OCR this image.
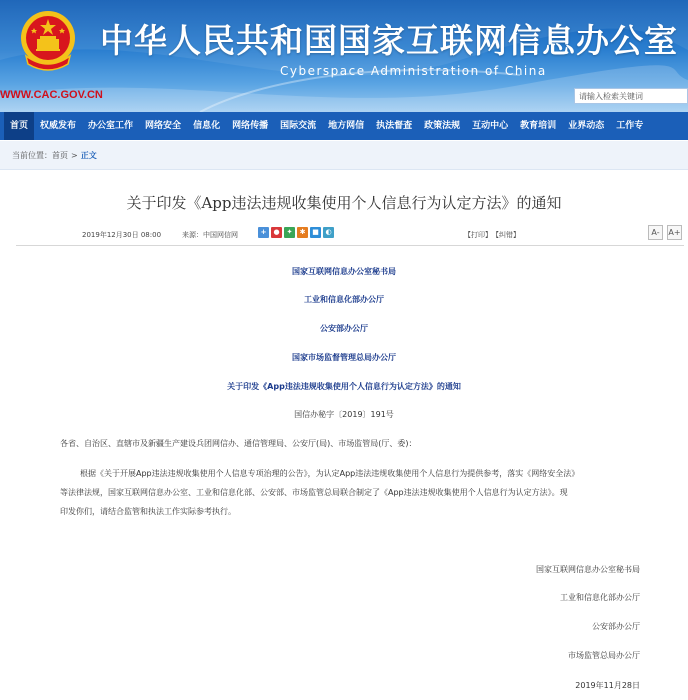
中华人民共和国国家互联网信息办公室
Cyberspace Administration of China
WWW.CAC.GOV.CN	请输入检索关键词
首页	权威发布	办公室工作	网络安全	信息化	网络传播	国际交流	地方网信	执法督查	政策法规	互动中心	教育培训	业界动态	工作专
当前位置：首页 > 正文
关于印发《App违法违规收集使用个人信息行为认定方法》的通知
2019年12月30日 08:00	来源：中国网信网	+	●	✦	✱ ■ ◐	【打印】 【纠错】	A-	A+
国家互联网信息办公室秘书局
工业和信息化部办公厅
公安部办公厅
国家市场监督管理总局办公厅
关于印发《App违法违规收集使用个人信息行为认定方法》的通知
国信办秘字〔2019〕191号
各省、自治区、直辖市及新疆生产建设兵团网信办、通信管理局、公安厅(局)、市场监管局(厅、委)：
根据《关于开展App违法违规收集使用个人信息专项治理的公告》，为认定App违法违规收集使用个人信息行为提供参考，落实《网络安全法》
等法律法规，国家互联网信息办公室、工业和信息化部、公安部、市场监管总局联合制定了《App违法违规收集使用个人信息行为认定方法》。现
印发你们，请结合监管和执法工作实际参考执行。
国家互联网信息办公室秘书局
工业和信息化部办公厅
公安部办公厅
市场监管总局办公厅
2019年11月28日
